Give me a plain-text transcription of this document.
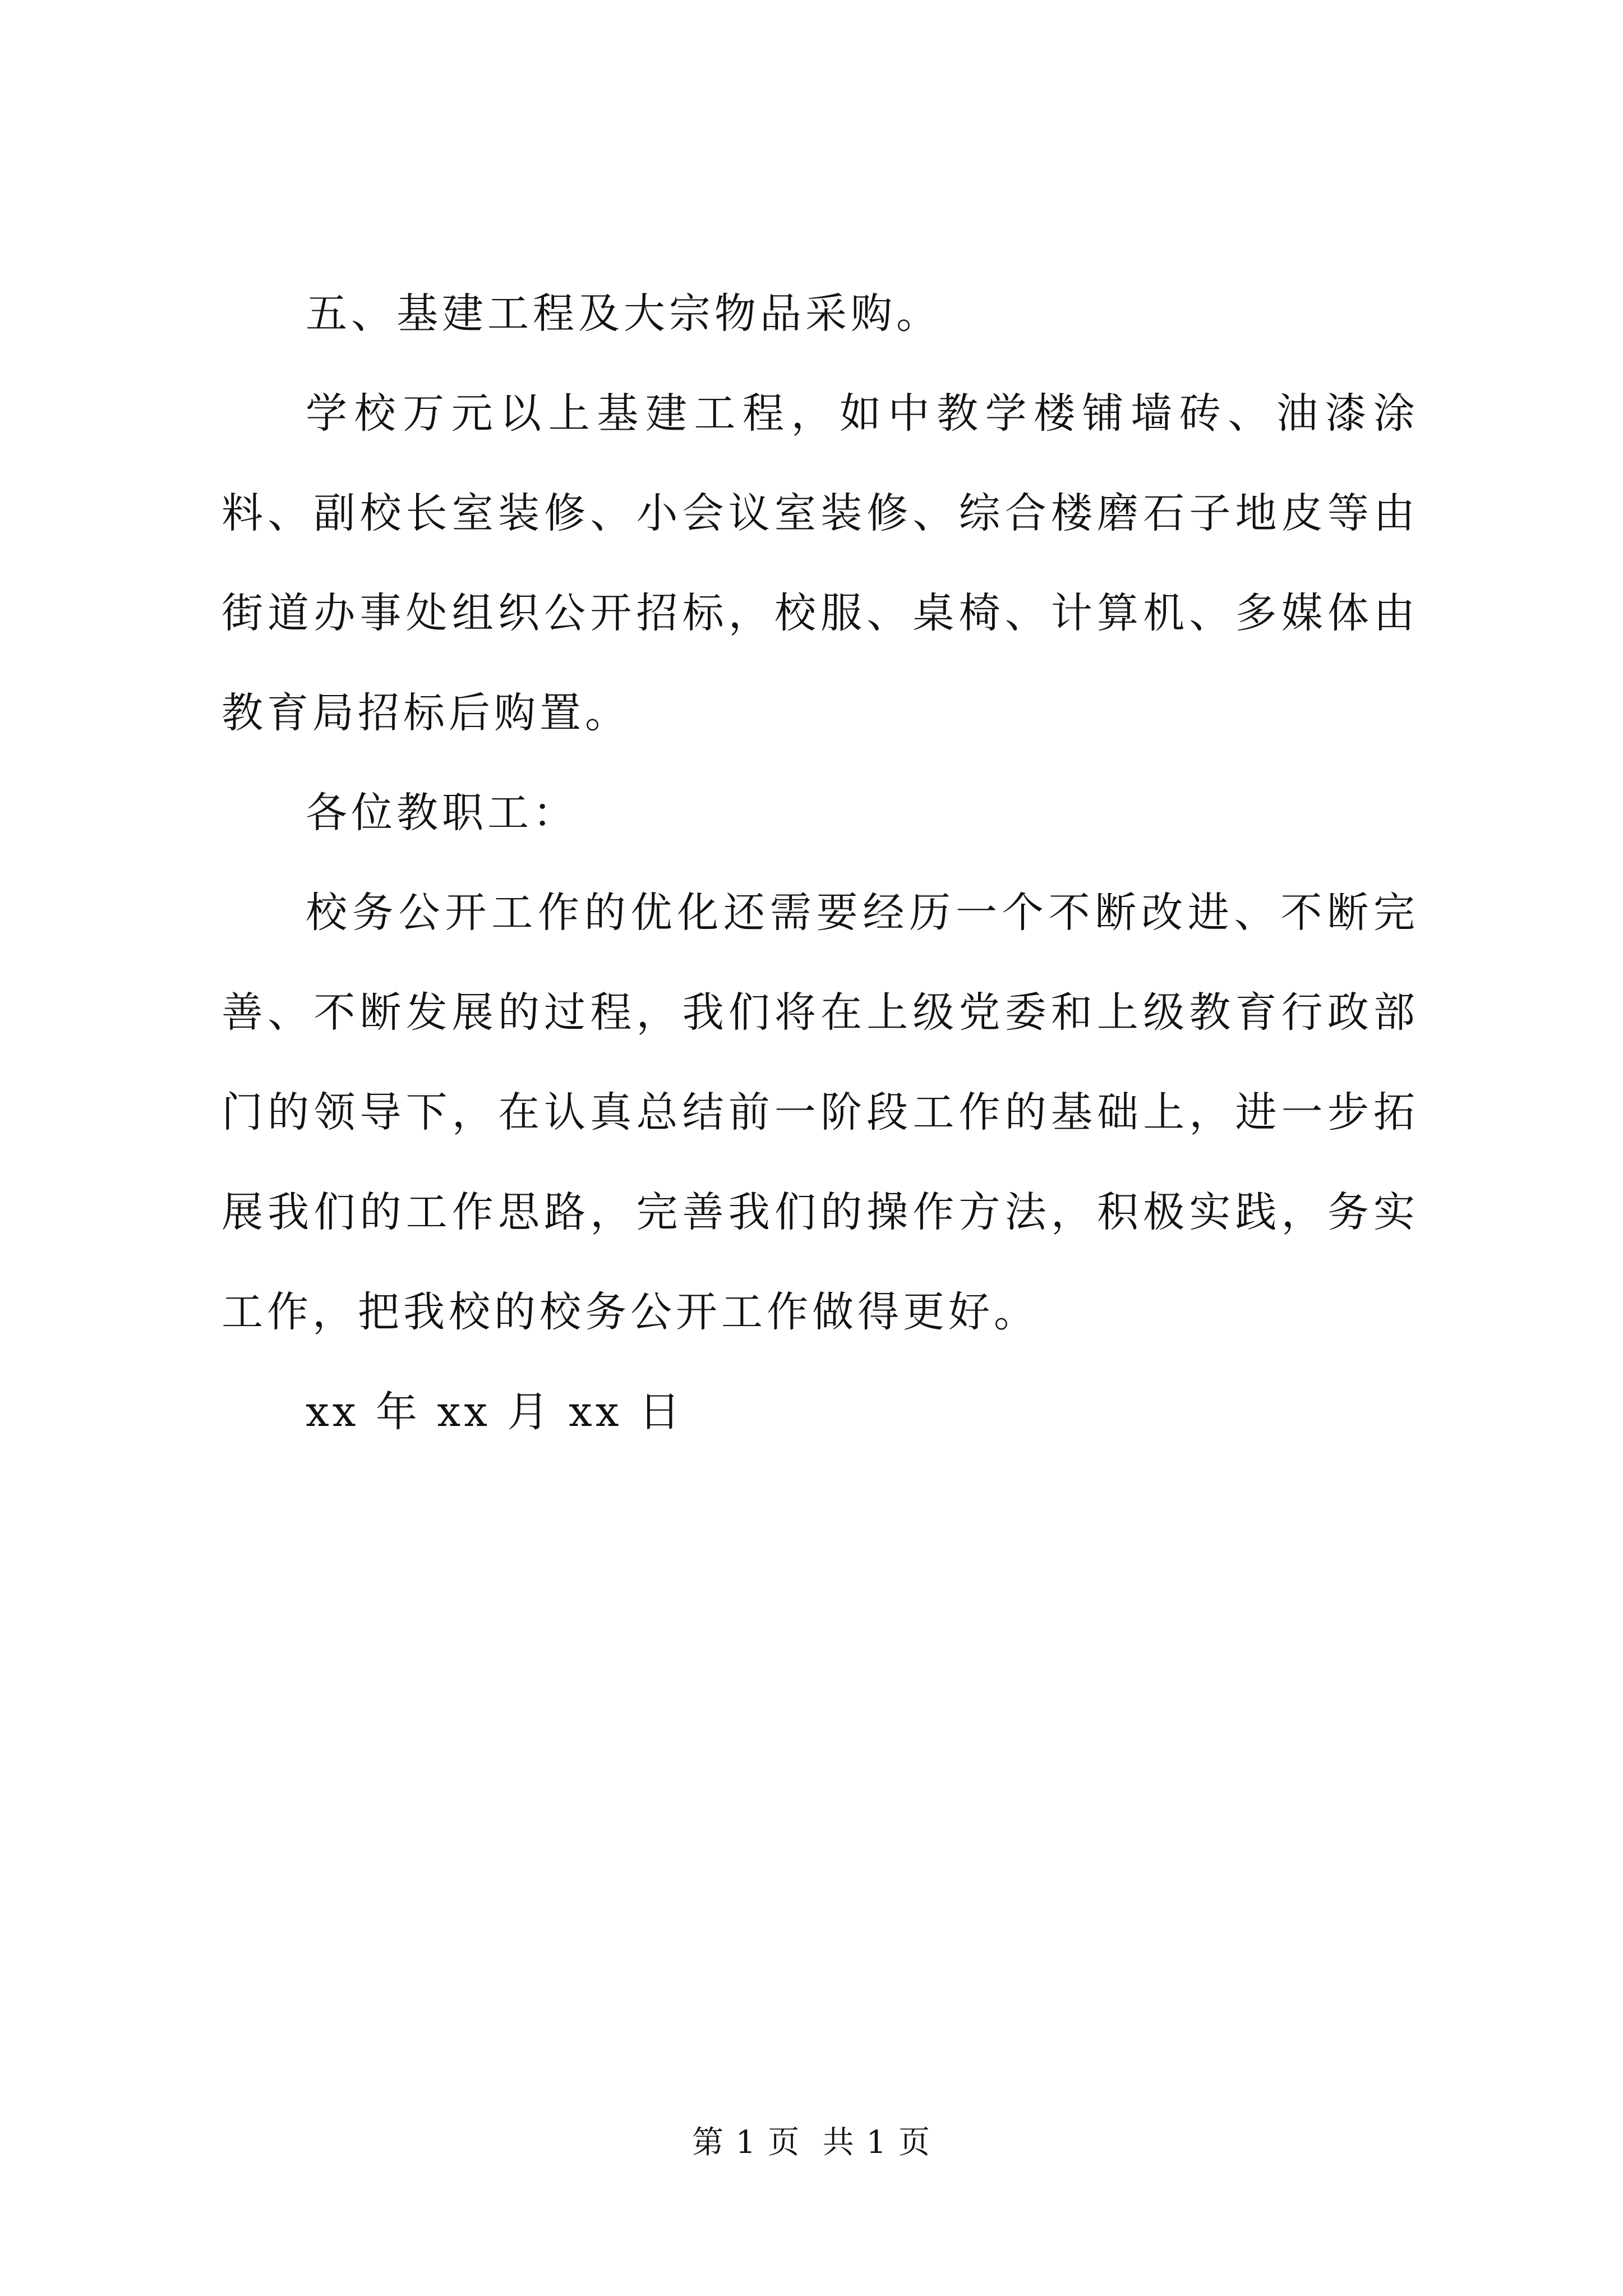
五、基建工程及大宗物品采购。

学校万元以上基建工程，如中教学楼铺墙砖、油漆涂料、副校长室装修、小会议室装修、综合楼磨石子地皮等由街道办事处组织公开招标，校服、桌椅、计算机、多媒体由教育局招标后购置。

各位教职工：

校务公开工作的优化还需要经历一个不断改进、不断完善、不断发展的过程，我们将在上级党委和上级教育行政部门的领导下，在认真总结前一阶段工作的基础上，进一步拓展我们的工作思路，完善我们的操作方法，积极实践，务实工作，把我校的校务公开工作做得更好。

xx 年 xx 月 xx 日

第 1 页  共 1 页
